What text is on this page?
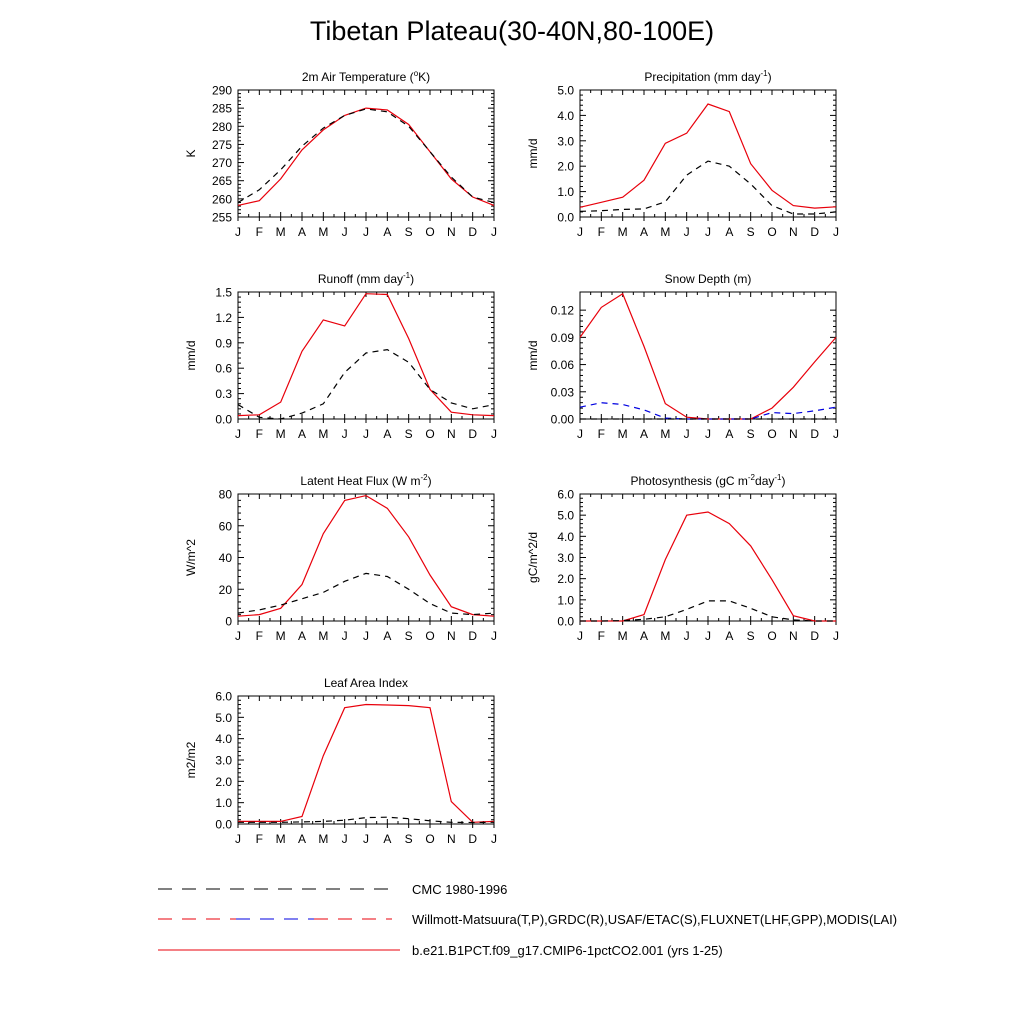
Tibetan Plateau(30-40N,80-100E)
J F M A M J J A S O N D J
255
260
265
270
275
280
285
290
K
2m Air Temperature ($^o$K)
J F M A M J J A S O N D J
0.0
1.0
2.0
3.0
4.0
5.0
mm/d
Precipitation (mm day$^{-1}$)
J F M A M J J A S O N D J
0.0
0.3
0.6
0.9
1.2
1.5
mm/d
Runoff (mm day$^{-1}$)
J F M A M J J A S O N D J
0.00
0.03
0.06
0.09
0.12
mm/d
Snow Depth (m)
J F M A M J J A S O N D J
0
20
40
60
80
W/m^2
Latent Heat Flux (W $m^{-2}$)
J F M A M J J A S O N D J
0.0
1.0
2.0
3.0
4.0
5.0
6.0
gC/m^2/d
Photosynthesis (gC $m^{-2}day^{-1}$)
J F M A M J J A S O N D J
0.0
1.0
2.0
3.0
4.0
5.0
6.0
m2/m2
Leaf Area Index
CMC 1980-1996
Willmott-Matsuura(T,P),GRDC(R),USAF/ETAC(S),FLUXNET(LHF,GPP),MODIS(LAI)
b.e21.B1PCT.f09_g17.CMIP6-1pctCO2.001 (yrs 1-25)
